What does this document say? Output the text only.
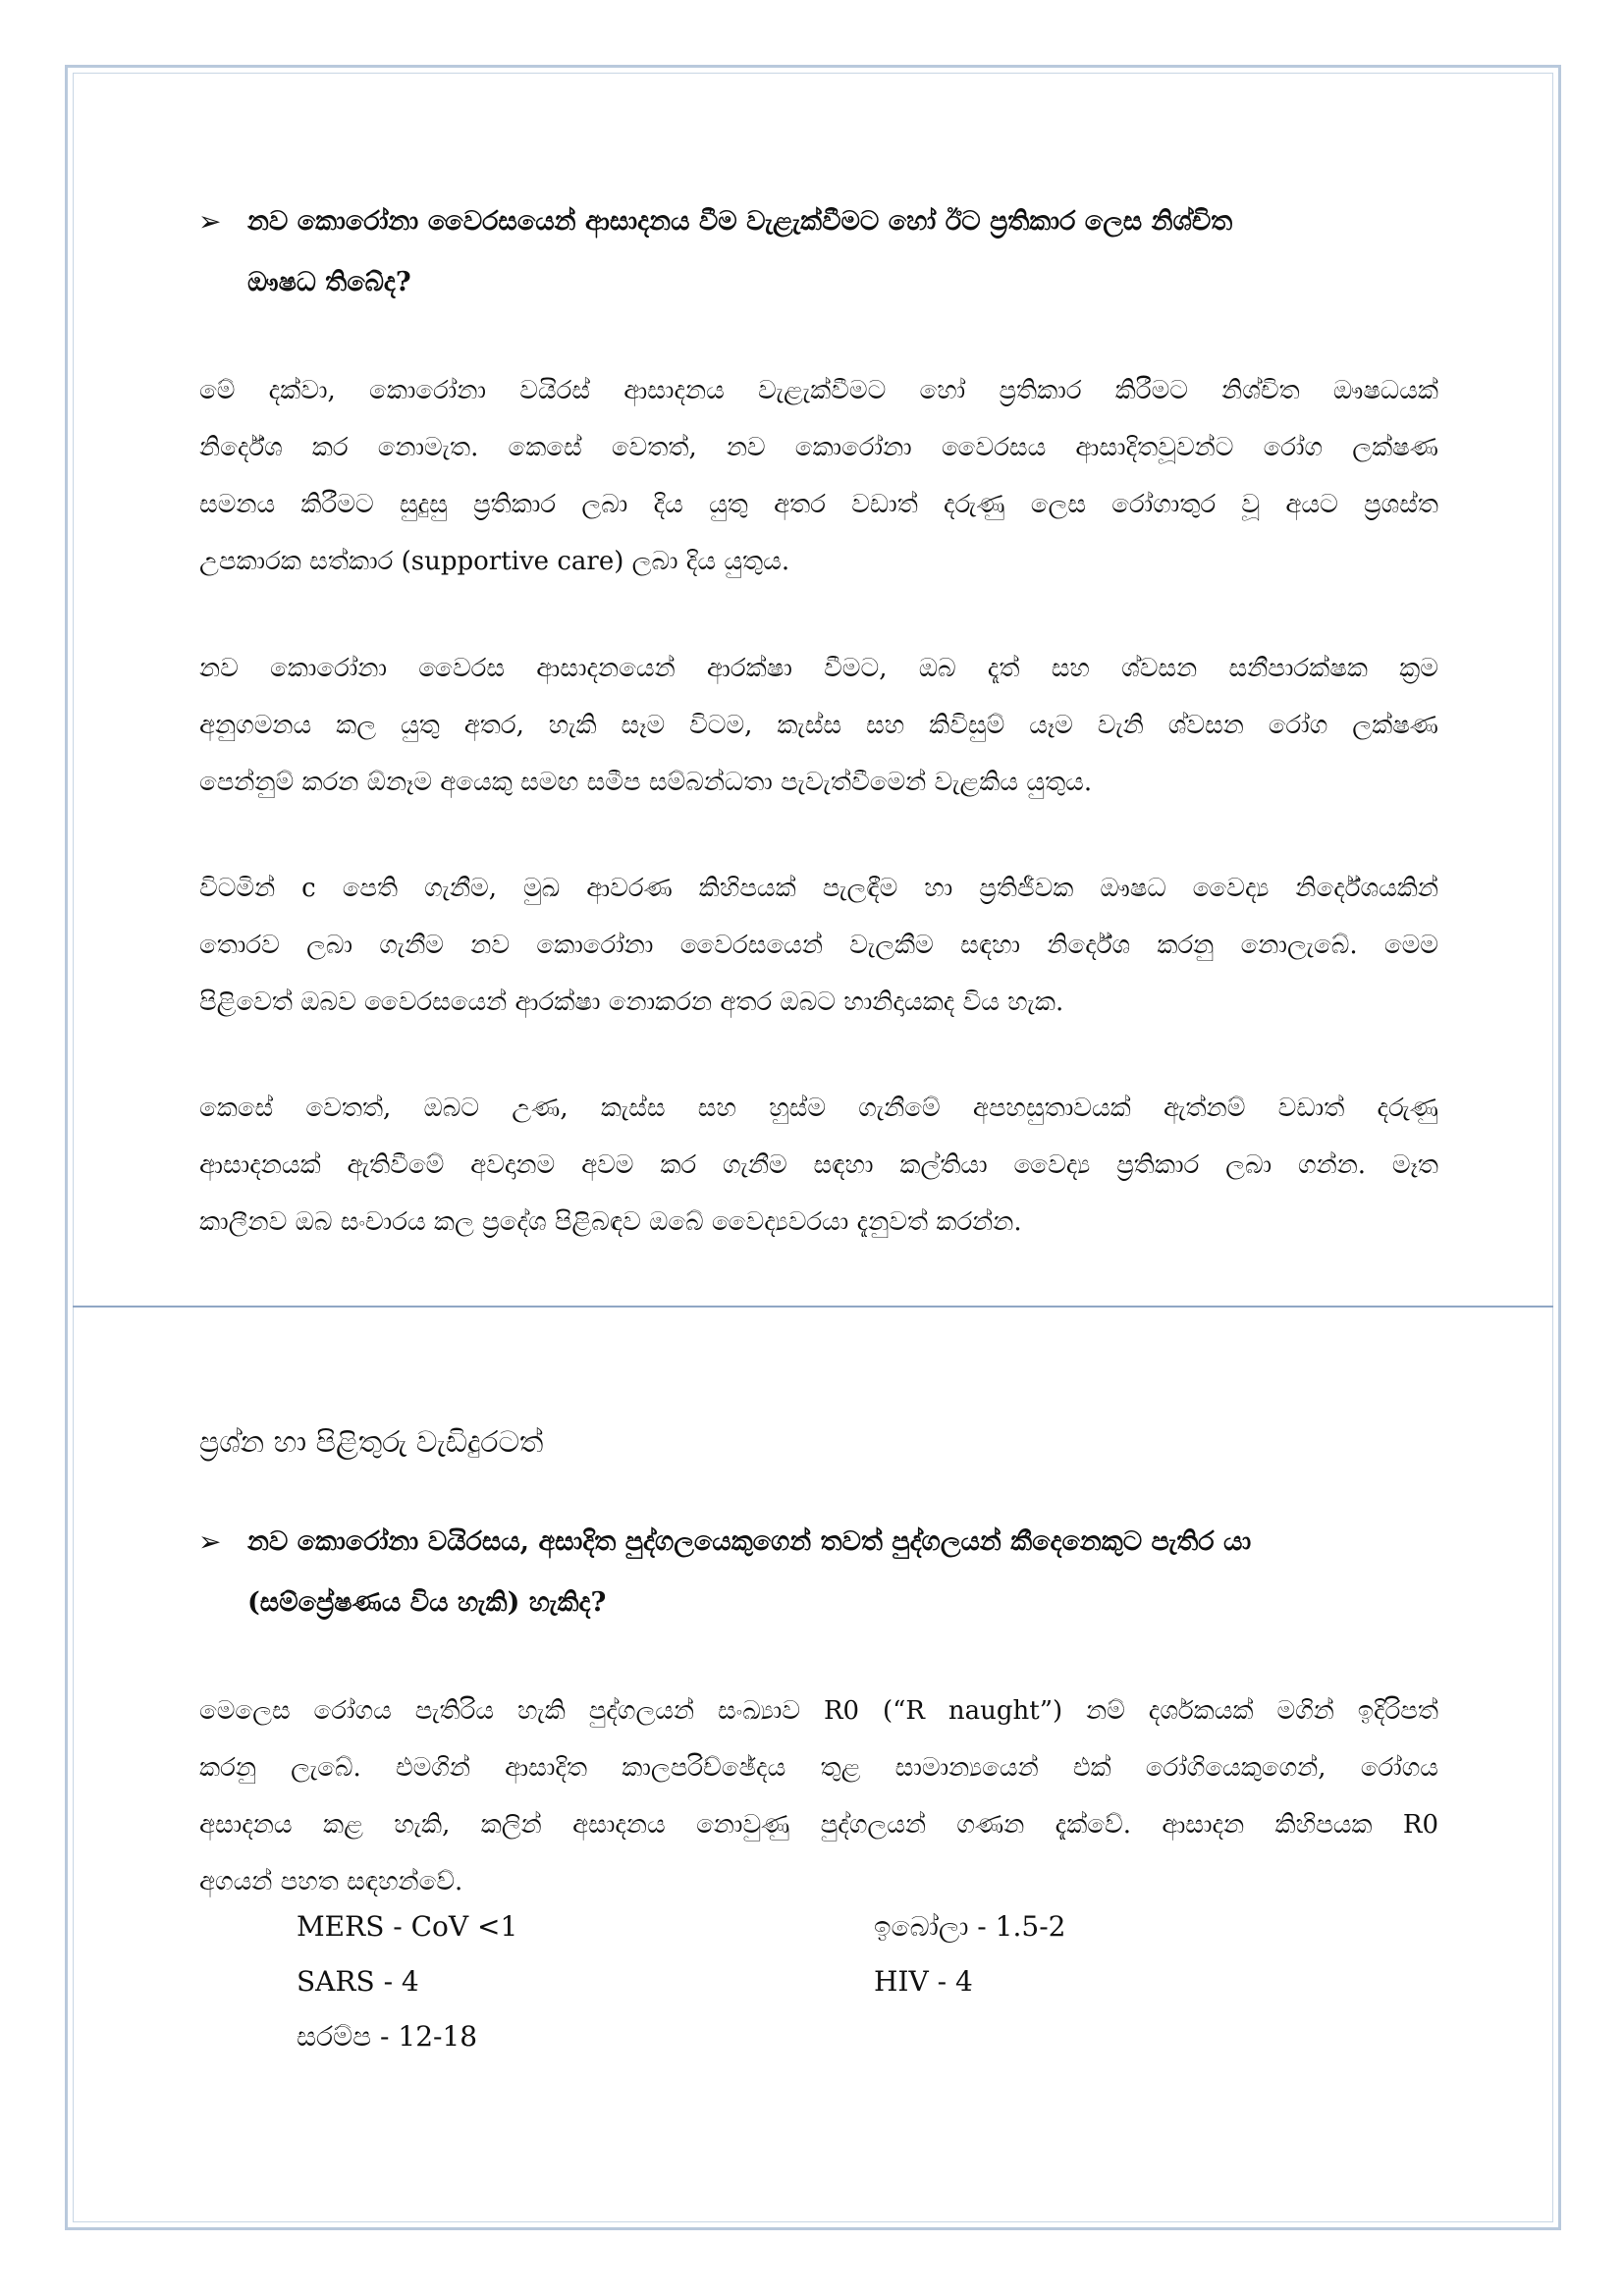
➢ නව කොරෝනා වෛරසයෙන් ආසාදනය වීම වැළැක්වීමට හෝ ඊට ප්‍රතිකාර ලෙස නිශ්චිත
ඖෂධ තිබේද?
මේ දක්වා, කොරෝනා වයිරස් ආසාදනය වැළැක්වීමට හෝ ප්‍රතිකාර කිරීමට නිශ්චිත ඖෂධයක්
නිර්දේශ කර නොමැත. කෙසේ වෙතත්, නව කොරෝනා වෛරසය ආසාදිතවූවන්ට රෝග ලක්ෂණ
සමනය කිරීමට සුදුසු ප්‍රතිකාර ලබා දිය යුතු අතර වඩාත් දරුණු ලෙස රෝගාතුර වූ අයට ප්‍රශස්ත
උපකාරක සත්කාර (supportive care) ලබා දිය යුතුය.
නව කොරෝනා වෛරස ආසාදනයෙන් ආරක්ෂා වීමට, ඔබ දෑත් සහ ශ්වසන සනීපාරක්ෂක ක්‍රම
අනුගමනය කල යුතු අතර, හැකි සෑම විටම, කැස්ස සහ කිවිසුම් යෑම වැනි ශ්වසන රෝග ලක්ෂණ
පෙන්නුම් කරන ඕනෑම අයෙකු සමඟ සමීප සම්බන්ධතා පැවැත්වීමෙන් වැළකිය යුතුය.
විටමින් c පෙති ගැනීම, මුඛ ආවරණ කිහිපයක් පැලඳීම හා ප්‍රතිජීවක ඖෂධ වෛද්‍ය නිර්දේශයකින්
තොරව ලබා ගැනීම නව කොරෝනා වෛරසයෙන් වැලකීම සඳහා නිර්දේශ කරනු නොලැබේ. මෙම
පිළිවෙත් ඔබව වෛරසයෙන් ආරක්ෂා නොකරන අතර ඔබට හානිදායකද විය හැක.
කෙසේ වෙතත්, ඔබට උණ, කැස්ස සහ හුස්ම ගැනීමේ අපහසුතාවයක් ඇත්නම් වඩාත් දරුණු
ආසාදනයක් ඇතිවීමේ අවදානම අවම කර ගැනීම සඳහා කල්තියා වෛද්‍ය ප්‍රතිකාර ලබා ගන්න. මෑත
කාලීනව ඔබ සංචාරය කල ප්‍රදේශ පිළිබඳව ඔබේ වෛද්‍යවරයා දැනුවත් කරන්න.
ප්‍රශ්න හා පිළිතුරු වැඩිදුරටත්
➢ නව කොරෝනා වයිරසය, අසාදිත පුද්ගලයෙකුගෙන් තවත් පුද්ගලයන් කීදෙනෙකුට පැතිර යා
(සම්ප්‍රේෂණය විය හැකි) හැකිද?
මෙලෙස රෝගය පැතිරිය හැකි පුද්ගලයන් සංඛ්‍යාව R0 (“R naught”) නම් දර්ශකයක් මගින් ඉදිරිපත්
කරනු ලැබේ. එමගින් ආසාදිත කාලපරිච්ඡේදය තුළ සාමාන්‍යයෙන් එක් රෝගියෙකුගෙන්, රෝගය
අසාදනය කළ හැකි, කලින් අසාදනය නොවුණු පුද්ගලයන් ගණන දැක්වේ. ආසාදන කිහිපයක R0
අගයන් පහත සඳහන්වේ.
MERS - CoV <1	ඉබෝලා - 1.5-2
SARS - 4	HIV - 4
සරම්ප - 12-18
